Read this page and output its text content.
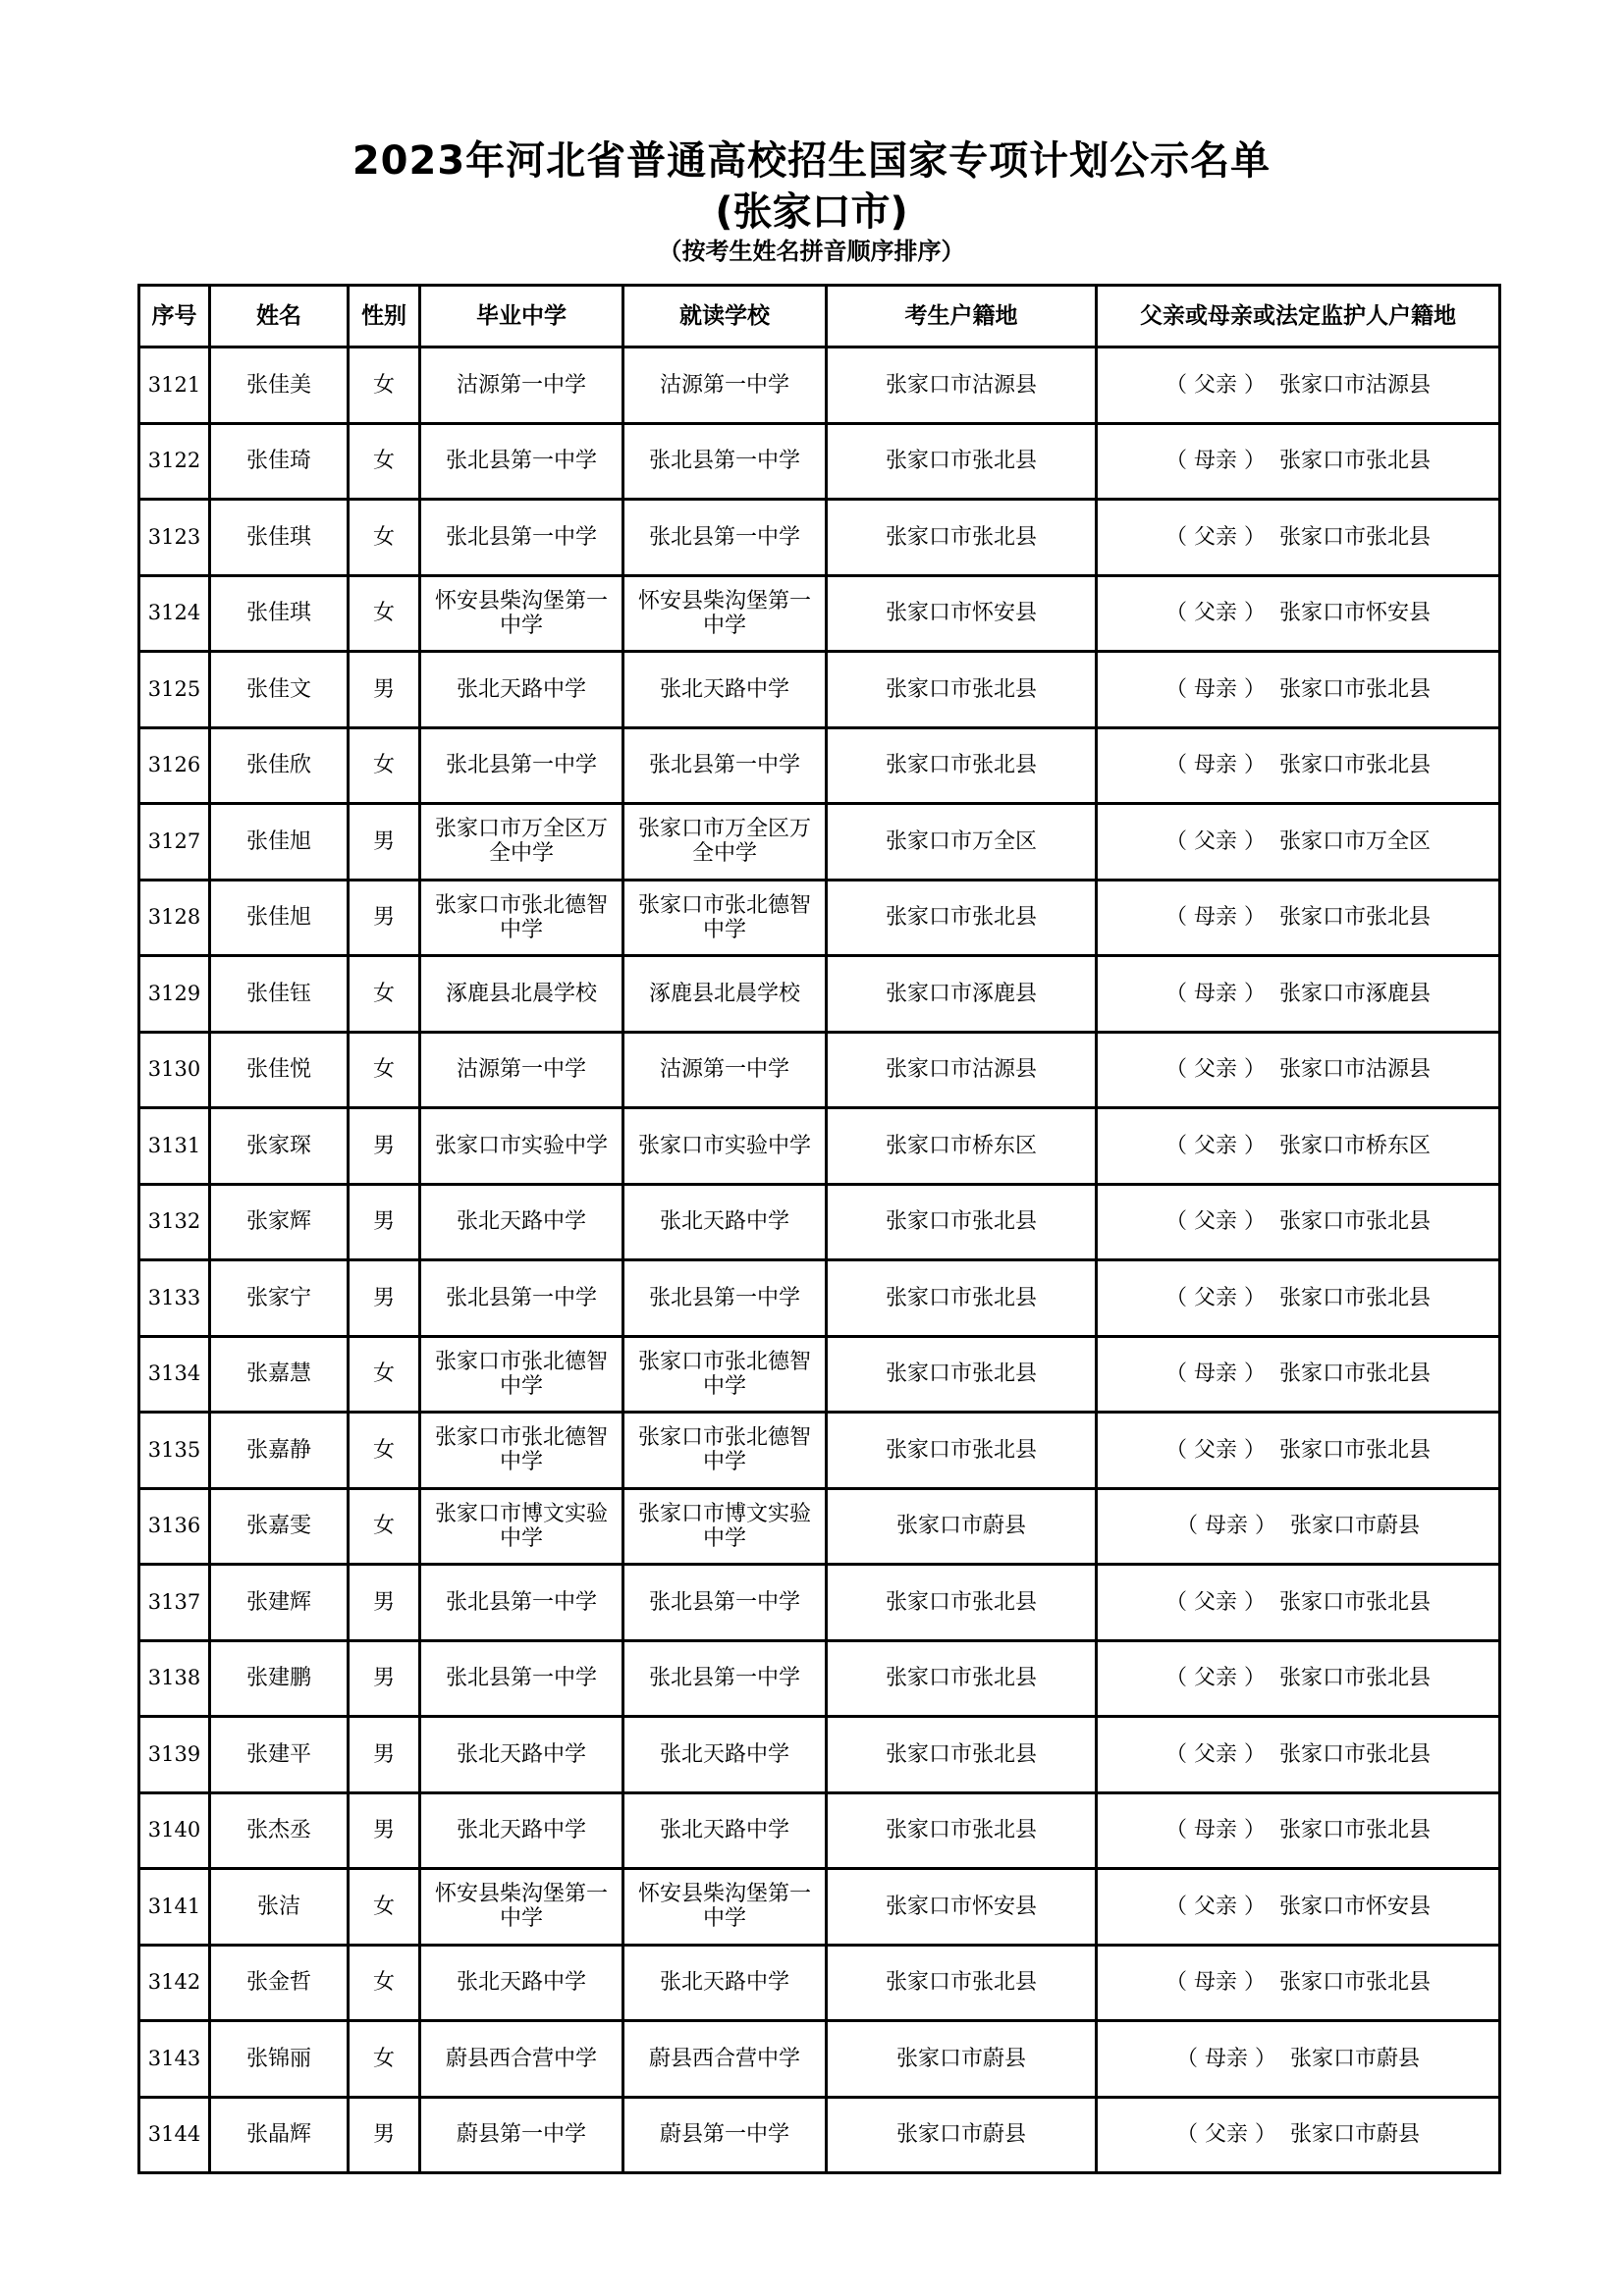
2023年河北省普通高校招生国家专项计划公示名单
(张家口市)
（按考生姓名拼音顺序排序）
序号	姓名	性别	毕业中学	就读学校	考生户籍地	父亲或母亲或法定监护人户籍地
3121	张佳美	女	沽源第一中学	沽源第一中学	张家口市沽源县	（ 父亲 ） 张家口市沽源县
3122	张佳琦	女	张北县第一中学	张北县第一中学	张家口市张北县	（ 母亲 ） 张家口市张北县
3123	张佳琪	女	张北县第一中学	张北县第一中学	张家口市张北县	（ 父亲 ） 张家口市张北县
3124	张佳琪	女	怀安县柴沟堡第一中学	怀安县柴沟堡第一中学	张家口市怀安县	（ 父亲 ） 张家口市怀安县
3125	张佳文	男	张北天路中学	张北天路中学	张家口市张北县	（ 母亲 ） 张家口市张北县
3126	张佳欣	女	张北县第一中学	张北县第一中学	张家口市张北县	（ 母亲 ） 张家口市张北县
3127	张佳旭	男	张家口市万全区万全中学	张家口市万全区万全中学	张家口市万全区	（ 父亲 ） 张家口市万全区
3128	张佳旭	男	张家口市张北德智中学	张家口市张北德智中学	张家口市张北县	（ 母亲 ） 张家口市张北县
3129	张佳钰	女	涿鹿县北晨学校	涿鹿县北晨学校	张家口市涿鹿县	（ 母亲 ） 张家口市涿鹿县
3130	张佳悦	女	沽源第一中学	沽源第一中学	张家口市沽源县	（ 父亲 ） 张家口市沽源县
3131	张家琛	男	张家口市实验中学	张家口市实验中学	张家口市桥东区	（ 父亲 ） 张家口市桥东区
3132	张家辉	男	张北天路中学	张北天路中学	张家口市张北县	（ 父亲 ） 张家口市张北县
3133	张家宁	男	张北县第一中学	张北县第一中学	张家口市张北县	（ 父亲 ） 张家口市张北县
3134	张嘉慧	女	张家口市张北德智中学	张家口市张北德智中学	张家口市张北县	（ 母亲 ） 张家口市张北县
3135	张嘉静	女	张家口市张北德智中学	张家口市张北德智中学	张家口市张北县	（ 父亲 ） 张家口市张北县
3136	张嘉雯	女	张家口市博文实验中学	张家口市博文实验中学	张家口市蔚县	（ 母亲 ） 张家口市蔚县
3137	张建辉	男	张北县第一中学	张北县第一中学	张家口市张北县	（ 父亲 ） 张家口市张北县
3138	张建鹏	男	张北县第一中学	张北县第一中学	张家口市张北县	（ 父亲 ） 张家口市张北县
3139	张建平	男	张北天路中学	张北天路中学	张家口市张北县	（ 父亲 ） 张家口市张北县
3140	张杰丞	男	张北天路中学	张北天路中学	张家口市张北县	（ 母亲 ） 张家口市张北县
3141	张洁	女	怀安县柴沟堡第一中学	怀安县柴沟堡第一中学	张家口市怀安县	（ 父亲 ） 张家口市怀安县
3142	张金哲	女	张北天路中学	张北天路中学	张家口市张北县	（ 母亲 ） 张家口市张北县
3143	张锦丽	女	蔚县西合营中学	蔚县西合营中学	张家口市蔚县	（ 母亲 ） 张家口市蔚县
3144	张晶辉	男	蔚县第一中学	蔚县第一中学	张家口市蔚县	（ 父亲 ） 张家口市蔚县
